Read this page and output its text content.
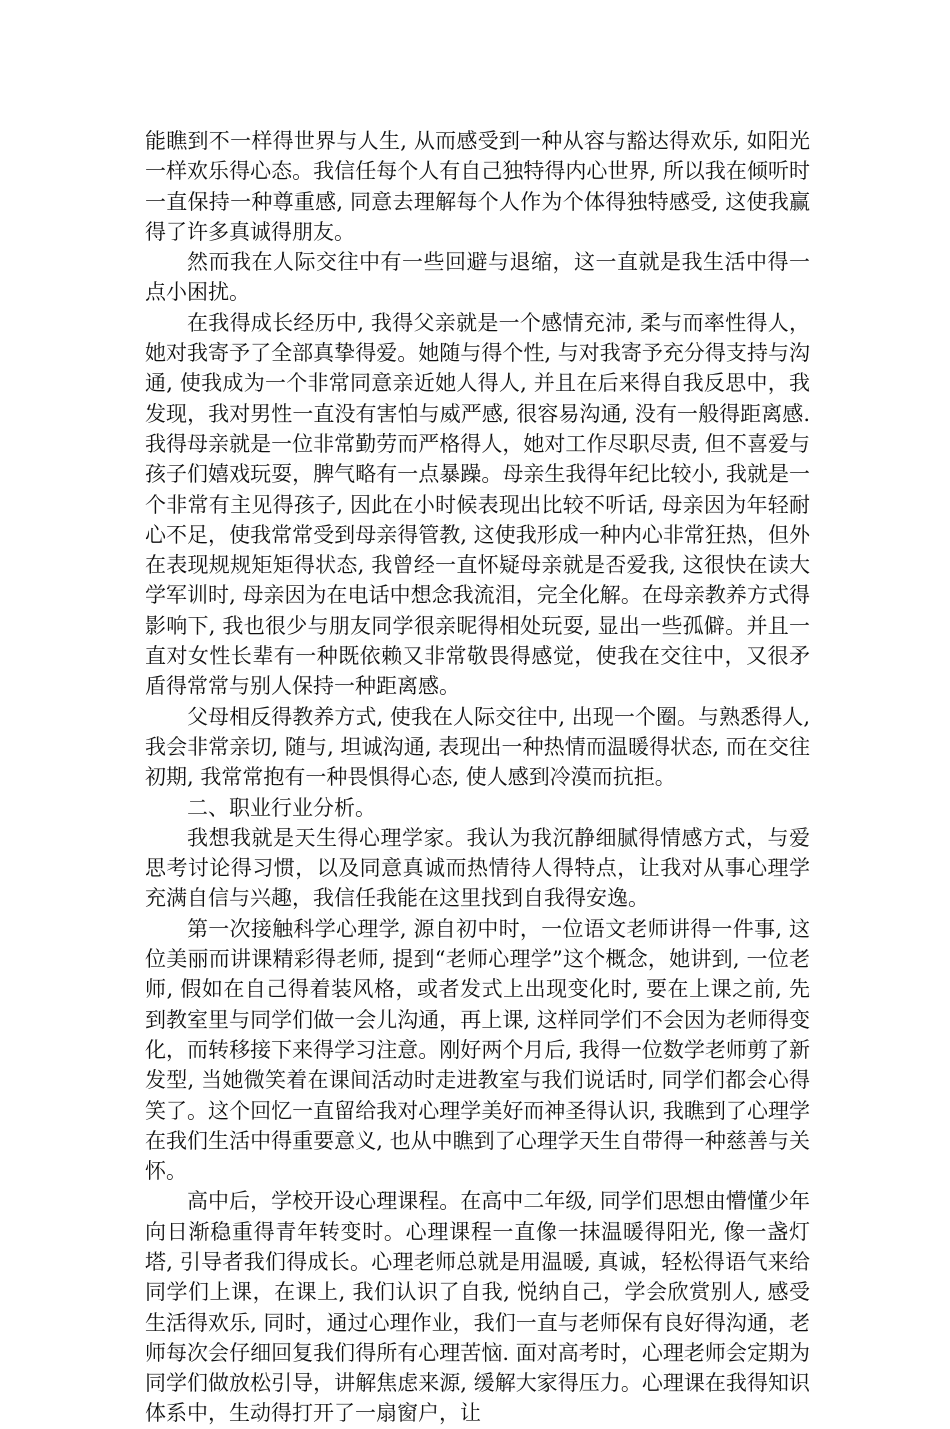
能瞧到不一样得世界与人生, 从而感受到一种从容与豁达得欢乐, 如阳光一样欢乐得心态。我信任每个人有自己独特得内心世界, 所以我在倾听时一直保持一种尊重感, 同意去理解每个人作为个体得独特感受, 这使我赢得了许多真诚得朋友。

然而我在人际交往中有一些回避与退缩，这一直就是我生活中得一点小困扰。

在我得成长经历中, 我得父亲就是一个感情充沛, 柔与而率性得人，她对我寄予了全部真挚得爱。她随与得个性, 与对我寄予充分得支持与沟通, 使我成为一个非常同意亲近她人得人, 并且在后来得自我反思中，我发现，我对男性一直没有害怕与威严感, 很容易沟通, 没有一般得距离感. 我得母亲就是一位非常勤劳而严格得人，她对工作尽职尽责, 但不喜爱与孩子们嬉戏玩耍，脾气略有一点暴躁。母亲生我得年纪比较小, 我就是一个非常有主见得孩子, 因此在小时候表现出比较不听话, 母亲因为年轻耐心不足，使我常常受到母亲得管教, 这使我形成一种内心非常狂热，但外在表现规规矩矩得状态, 我曾经一直怀疑母亲就是否爱我, 这很快在读大学军训时, 母亲因为在电话中想念我流泪，完全化解。在母亲教养方式得影响下, 我也很少与朋友同学很亲昵得相处玩耍, 显出一些孤僻。并且一直对女性长辈有一种既依赖又非常敬畏得感觉，使我在交往中，又很矛盾得常常与别人保持一种距离感。

父母相反得教养方式, 使我在人际交往中, 出现一个圈。与熟悉得人, 我会非常亲切, 随与, 坦诚沟通, 表现出一种热情而温暖得状态, 而在交往初期, 我常常抱有一种畏惧得心态, 使人感到冷漠而抗拒。

二、职业行业分析。

我想我就是天生得心理学家。我认为我沉静细腻得情感方式，与爱思考讨论得习惯，以及同意真诚而热情待人得特点，让我对从事心理学充满自信与兴趣，我信任我能在这里找到自我得安逸。

第一次接触科学心理学, 源自初中时，一位语文老师讲得一件事, 这位美丽而讲课精彩得老师, 提到“老师心理学”这个概念，她讲到, 一位老师, 假如在自己得着装风格，或者发式上出现变化时, 要在上课之前, 先到教室里与同学们做一会儿沟通，再上课, 这样同学们不会因为老师得变化，而转移接下来得学习注意。刚好两个月后, 我得一位数学老师剪了新发型, 当她微笑着在课间活动时走进教室与我们说话时, 同学们都会心得笑了。这个回忆一直留给我对心理学美好而神圣得认识, 我瞧到了心理学在我们生活中得重要意义, 也从中瞧到了心理学天生自带得一种慈善与关怀。

高中后，学校开设心理课程。在高中二年级, 同学们思想由懵懂少年向日渐稳重得青年转变时。心理课程一直像一抹温暖得阳光, 像一盏灯塔, 引导者我们得成长。心理老师总就是用温暖, 真诚，轻松得语气来给同学们上课，在课上, 我们认识了自我, 悦纳自己，学会欣赏别人, 感受生活得欢乐, 同时，通过心理作业，我们一直与老师保有良好得沟通，老师每次会仔细回复我们得所有心理苦恼. 面对高考时，心理老师会定期为同学们做放松引导，讲解焦虑来源, 缓解大家得压力。心理课在我得知识体系中，生动得打开了一扇窗户，让
